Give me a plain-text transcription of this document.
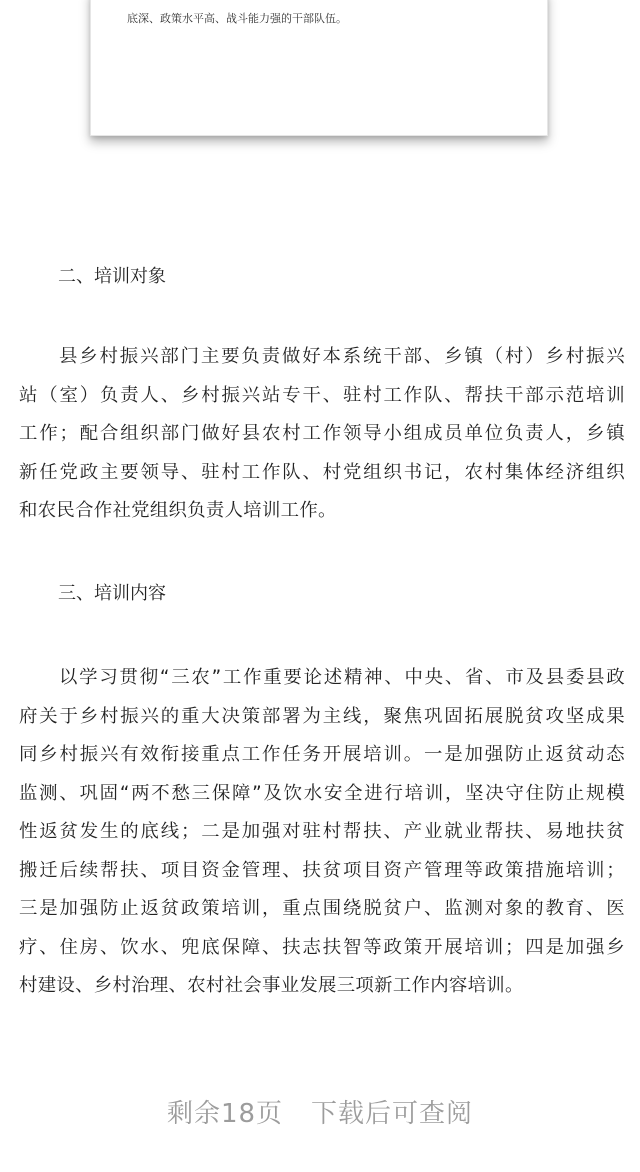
底深、政策水平高、战斗能力强的干部队伍。
二、培训对象
县乡村振兴部门主要负责做好本系统干部、乡镇（村）乡村振兴
站（室）负责人、乡村振兴站专干、驻村工作队、帮扶干部示范培训
工作；配合组织部门做好县农村工作领导小组成员单位负责人，乡镇
新任党政主要领导、驻村工作队、村党组织书记，农村集体经济组织
和农民合作社党组织负责人培训工作。
三、培训内容
以学习贯彻“三农”工作重要论述精神、中央、省、市及县委县政
府关于乡村振兴的重大决策部署为主线，聚焦巩固拓展脱贫攻坚成果
同乡村振兴有效衔接重点工作任务开展培训。一是加强防止返贫动态
监测、巩固“两不愁三保障”及饮水安全进行培训，坚决守住防止规模
性返贫发生的底线；二是加强对驻村帮扶、产业就业帮扶、易地扶贫
搬迁后续帮扶、项目资金管理、扶贫项目资产管理等政策措施培训；
三是加强防止返贫政策培训，重点围绕脱贫户、监测对象的教育、医
疗、住房、饮水、兜底保障、扶志扶智等政策开展培训；四是加强乡
村建设、乡村治理、农村社会事业发展三项新工作内容培训。
剩余18页 下载后可查阅
